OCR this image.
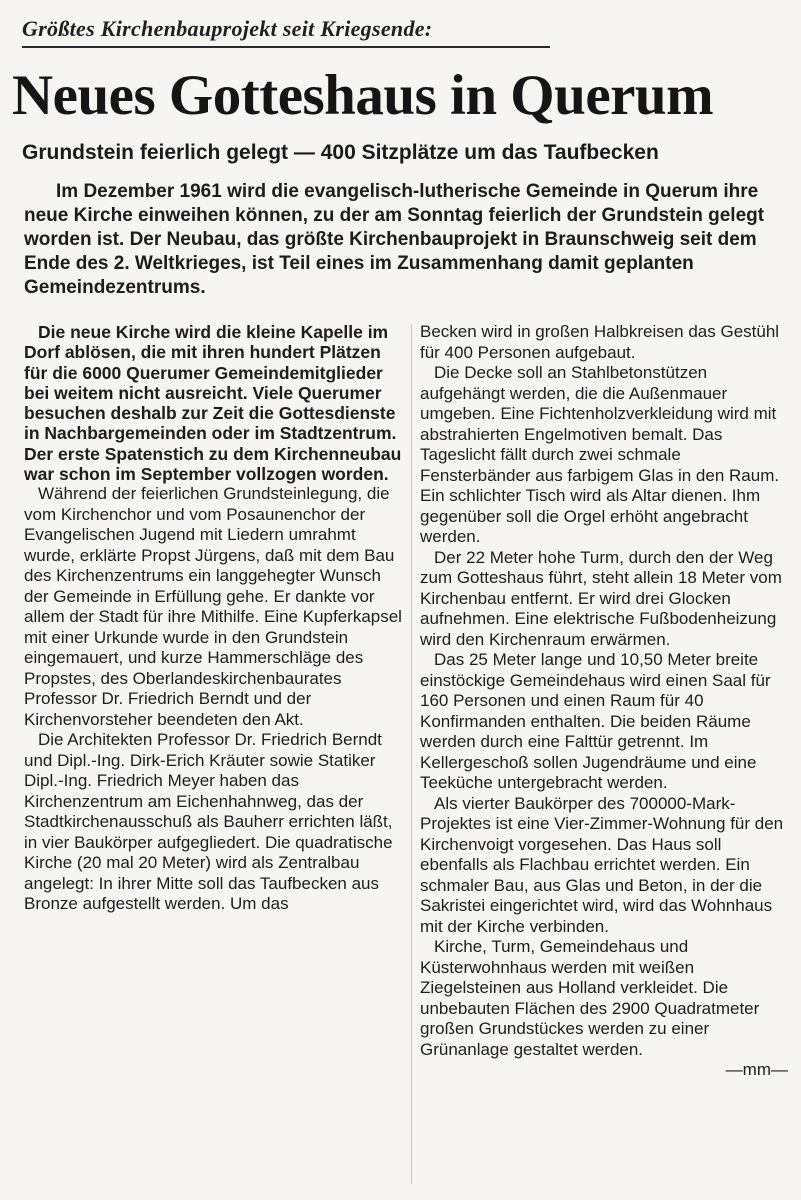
Größtes Kirchenbauprojekt seit Kriegsende:
Neues Gotteshaus in Querum
Grundstein feierlich gelegt — 400 Sitzplätze um das Taufbecken

Im Dezember 1961 wird die evangelisch-lutherische Gemeinde in Querum ihre neue Kirche einweihen können, zu der am Sonntag feierlich der Grundstein gelegt worden ist. Der Neubau, das größte Kirchenbauprojekt in Braunschweig seit dem Ende des 2. Weltkrieges, ist Teil eines im Zusammenhang damit geplanten Gemeindezentrums.

Die neue Kirche wird die kleine Kapelle im Dorf ablösen, die mit ihren hundert Plätzen für die 6000 Querumer Gemeindemitglieder bei weitem nicht ausreicht. Viele Querumer besuchen deshalb zur Zeit die Gottesdienste in Nachbargemeinden oder im Stadtzentrum. Der erste Spatenstich zu dem Kirchenneubau war schon im September vollzogen worden.

Während der feierlichen Grundsteinlegung, die vom Kirchenchor und vom Posaunenchor der Evangelischen Jugend mit Liedern umrahmt wurde, erklärte Propst Jürgens, daß mit dem Bau des Kirchenzentrums ein langgehegter Wunsch der Gemeinde in Erfüllung gehe. Er dankte vor allem der Stadt für ihre Mithilfe. Eine Kupferkapsel mit einer Urkunde wurde in den Grundstein eingemauert, und kurze Hammerschläge des Propstes, des Oberlandeskirchenbaurates Professor Dr. Friedrich Berndt und der Kirchenvorsteher beendeten den Akt.

Die Architekten Professor Dr. Friedrich Berndt und Dipl.-Ing. Dirk-Erich Kräuter sowie Statiker Dipl.-Ing. Friedrich Meyer haben das Kirchenzentrum am Eichenhahnweg, das der Stadtkirchenausschuß als Bauherr errichten läßt, in vier Baukörper aufgegliedert. Die quadratische Kirche (20 mal 20 Meter) wird als Zentralbau angelegt: In ihrer Mitte soll das Taufbecken aus Bronze aufgestellt werden. Um das

Becken wird in großen Halbkreisen das Gestühl für 400 Personen aufgebaut.

Die Decke soll an Stahlbetonstützen aufgehängt werden, die die Außenmauer umgeben. Eine Fichtenholzverkleidung wird mit abstrahierten Engelmotiven bemalt. Das Tageslicht fällt durch zwei schmale Fensterbänder aus farbigem Glas in den Raum. Ein schlichter Tisch wird als Altar dienen. Ihm gegenüber soll die Orgel erhöht angebracht werden.

Der 22 Meter hohe Turm, durch den der Weg zum Gotteshaus führt, steht allein 18 Meter vom Kirchenbau entfernt. Er wird drei Glocken aufnehmen. Eine elektrische Fußbodenheizung wird den Kirchenraum erwärmen.

Das 25 Meter lange und 10,50 Meter breite einstöckige Gemeindehaus wird einen Saal für 160 Personen und einen Raum für 40 Konfirmanden enthalten. Die beiden Räume werden durch eine Falttür getrennt. Im Kellergeschoß sollen Jugendräume und eine Teeküche untergebracht werden.

Als vierter Baukörper des 700000-Mark-Projektes ist eine Vier-Zimmer-Wohnung für den Kirchenvoigt vorgesehen. Das Haus soll ebenfalls als Flachbau errichtet werden. Ein schmaler Bau, aus Glas und Beton, in der die Sakristei eingerichtet wird, wird das Wohnhaus mit der Kirche verbinden.

Kirche, Turm, Gemeindehaus und Küsterwohnhaus werden mit weißen Ziegelsteinen aus Holland verkleidet. Die unbebauten Flächen des 2900 Quadratmeter großen Grundstückes werden zu einer Grünanlage gestaltet werden.

—mm—
